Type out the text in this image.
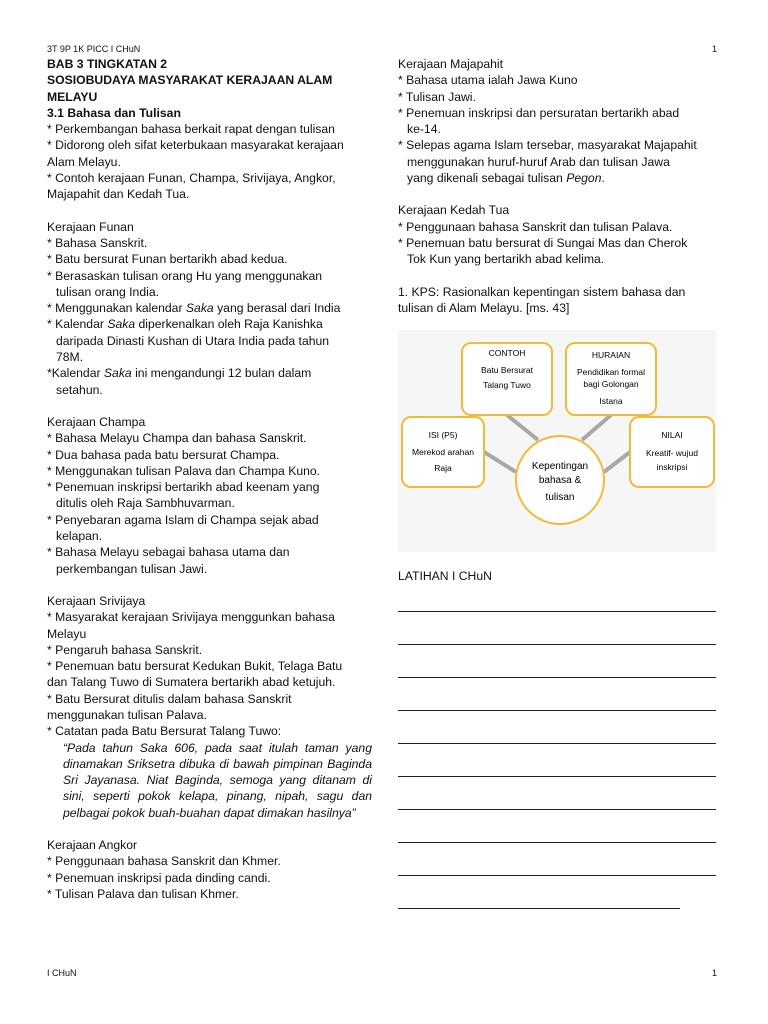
3T 9P 1K PICC I CHuN	1

BAB 3 TINGKATAN 2

SOSIOBUDAYA MASYARAKAT KERAJAAN ALAM MELAYU

3.1 Bahasa dan Tulisan

* Perkembangan bahasa berkait rapat dengan tulisan

* Didorong oleh sifat keterbukaan masyarakat kerajaan Alam Melayu.

* Contoh kerajaan Funan, Champa, Srivijaya, Angkor, Majapahit dan Kedah Tua.

Kerajaan Funan

* Bahasa Sanskrit.

* Batu bersurat Funan bertarikh abad kedua.

* Berasaskan tulisan orang Hu yang menggunakan

tulisan orang India.

* Menggunakan kalendar Saka yang berasal dari India

* Kalendar Saka diperkenalkan oleh Raja Kanishka

daripada Dinasti Kushan di Utara India pada tahun

78M.

*Kalendar Saka ini mengandungi 12 bulan dalam

setahun.

Kerajaan Champa

* Bahasa Melayu Champa dan bahasa Sanskrit.

* Dua bahasa pada batu bersurat Champa.

* Menggunakan tulisan Palava dan Champa Kuno.

* Penemuan inskripsi bertarikh abad keenam yang

ditulis oleh Raja Sambhuvarman.

* Penyebaran agama Islam di Champa sejak abad

kelapan.

* Bahasa Melayu sebagai bahasa utama dan

perkembangan tulisan Jawi.

Kerajaan Srivijaya

* Masyarakat kerajaan Srivijaya menggunkan bahasa

Melayu

* Pengaruh bahasa Sanskrit.

* Penemuan batu bersurat Kedukan Bukit, Telaga Batu

dan Talang Tuwo di Sumatera bertarikh abad ketujuh.

* Batu Bersurat ditulis dalam bahasa Sanskrit

menggunakan tulisan Palava.

* Catatan pada Batu Bersurat Talang Tuwo:

“Pada tahun Saka 606, pada saat itulah taman yang dinamakan Sriksetra dibuka di bawah pimpinan Baginda Sri Jayanasa. Niat Baginda, semoga yang ditanam di sini, seperti pokok kelapa, pinang, nipah, sagu dan pelbagai pokok buah-buahan dapat dimakan hasilnya”

Kerajaan Angkor

* Penggunaan bahasa Sanskrit dan Khmer.

* Penemuan inskripsi pada dinding candi.

* Tulisan Palava dan tulisan Khmer.

Kerajaan Majapahit

* Bahasa utama ialah Jawa Kuno

* Tulisan Jawi.

* Penemuan inskripsi dan persuratan bertarikh abad

ke-14.

* Selepas agama Islam tersebar, masyarakat Majapahit

menggunakan huruf-huruf Arab dan tulisan Jawa

yang dikenali sebagai tulisan Pegon.

Kerajaan Kedah Tua

* Penggunaan bahasa Sanskrit dan tulisan Palava.

* Penemuan batu bersurat di Sungai Mas dan Cherok

Tok Kun yang bertarikh abad kelima.

1. KPS: Rasionalkan kepentingan sistem bahasa dan

tulisan di Alam Melayu. [ms. 43]

CONTOH
Batu Bersurat
Talang Tuwo
HURAIAN
Pendidikan formal
bagi Golongan
Istana
ISI (P5)
Merekod arahan
Raja
NILAI
Kreatif- wujud
inskripsi
Kepentingan
bahasa &
tulisan

LATIHAN I CHuN

I CHuN	1
